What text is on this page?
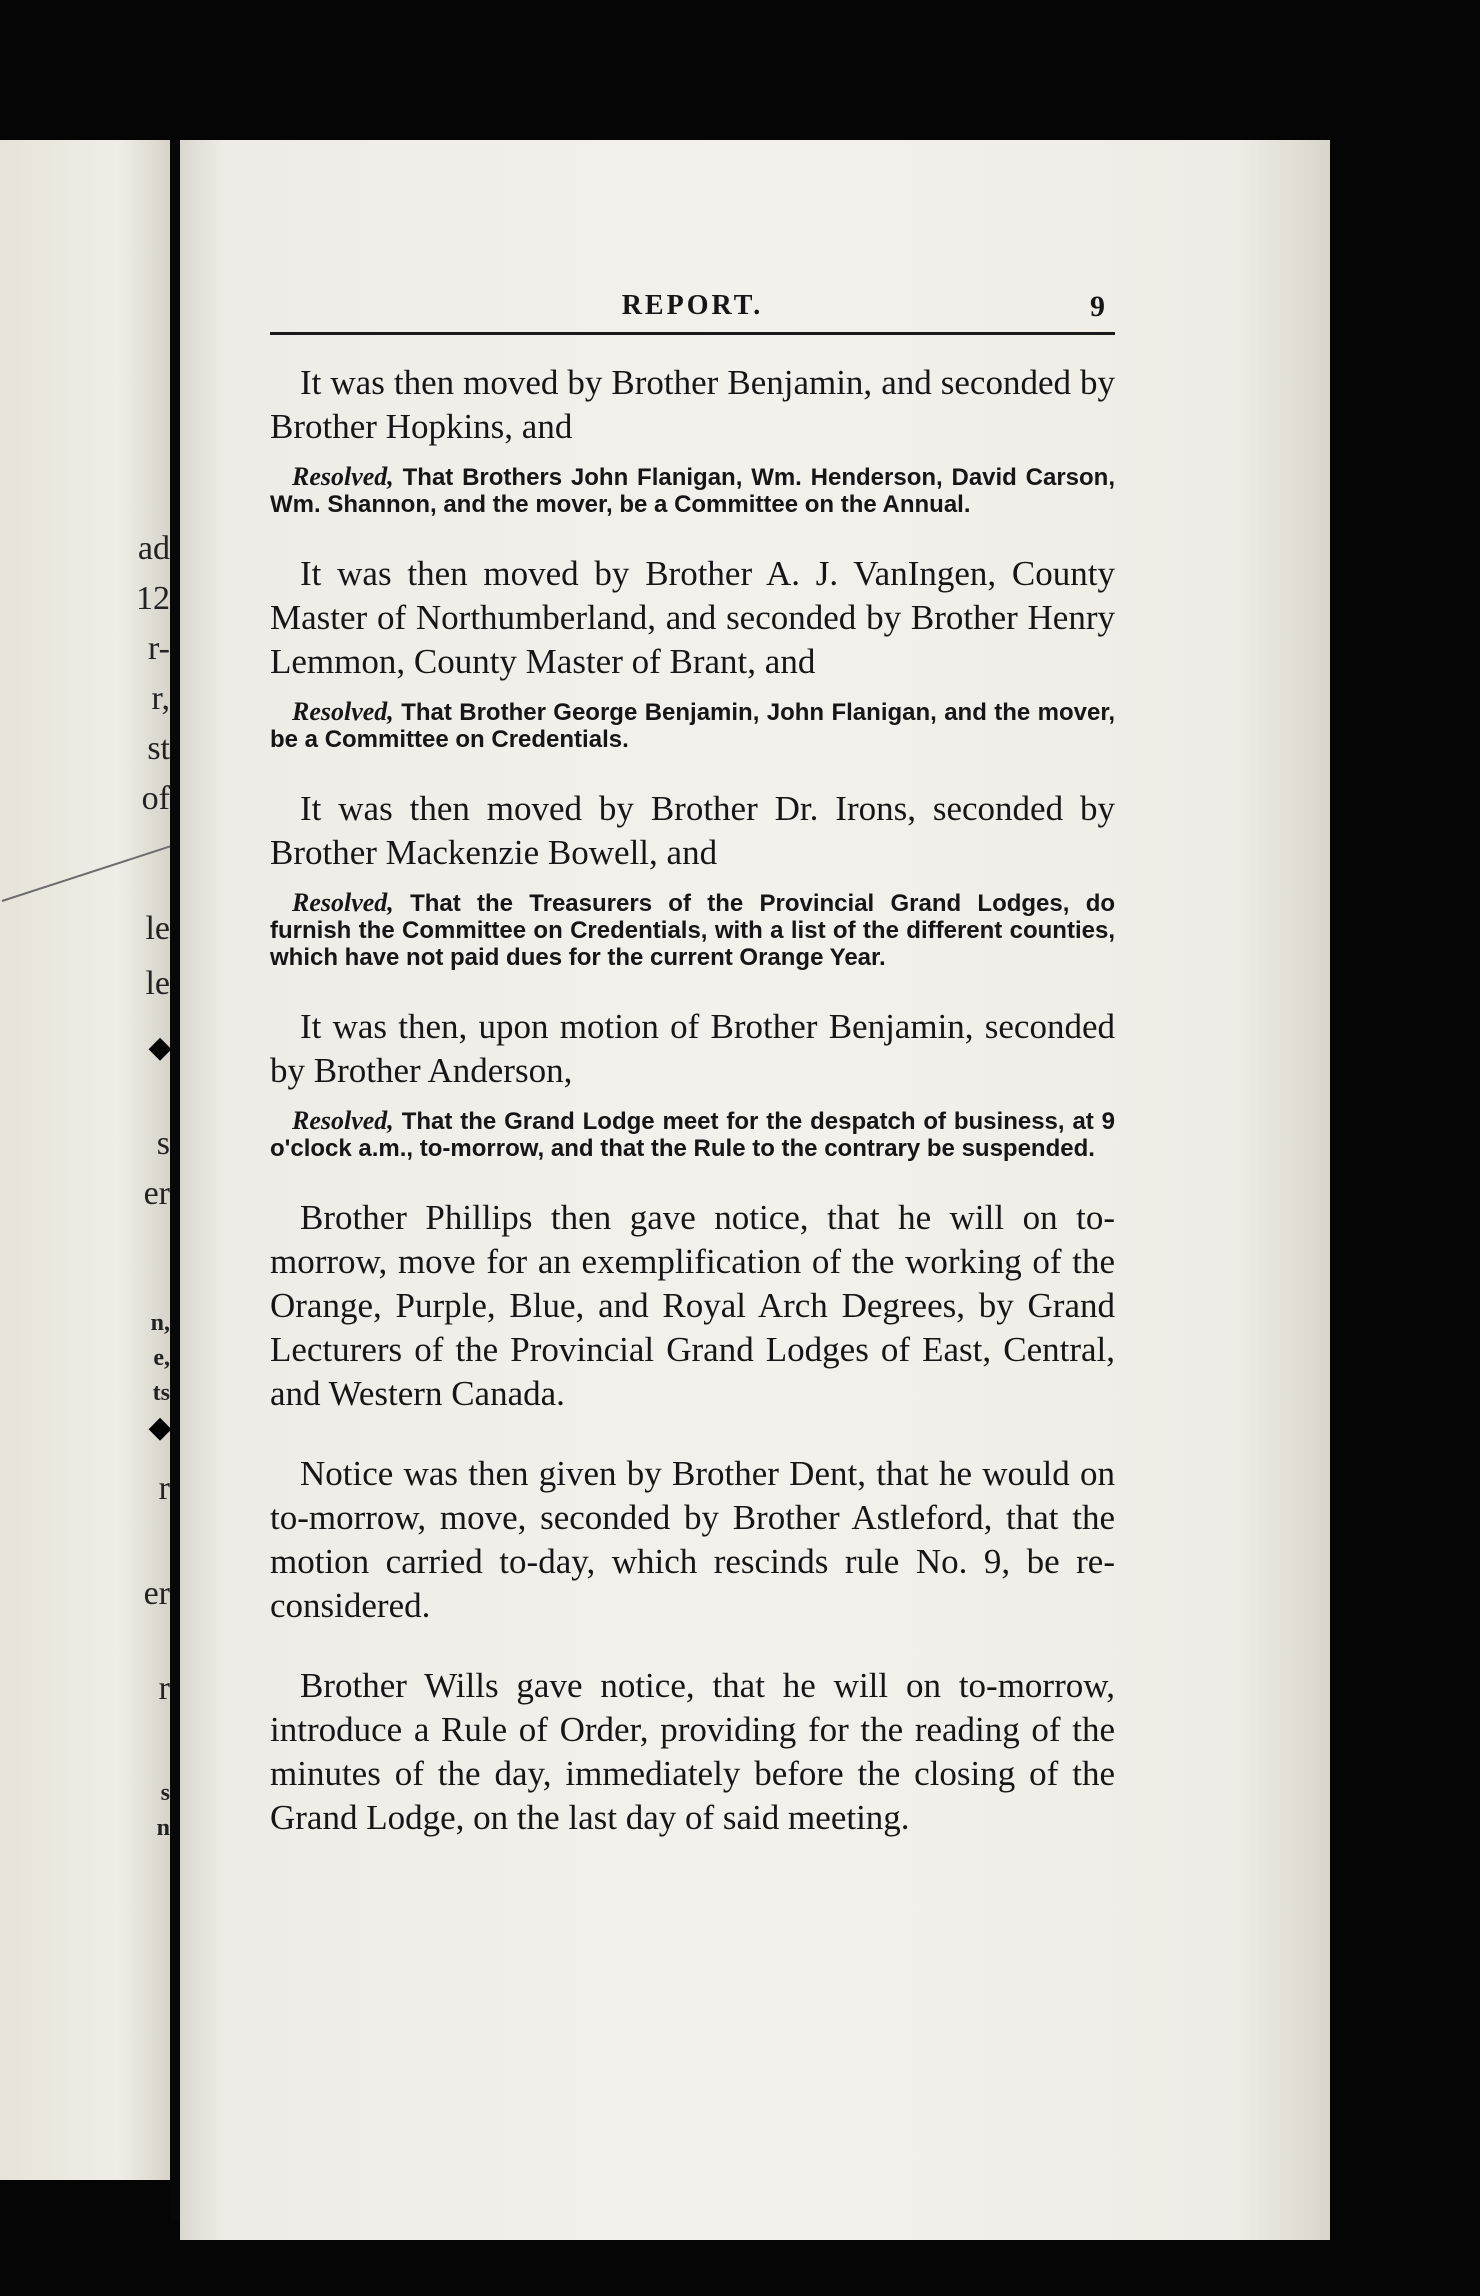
ad
12
r-
r,
st
of
le
le
s
er
n,
e,
ts
r
er
r
s
n
◆
◆
REPORT.	9

It was then moved by Brother Benjamin, and seconded by Brother Hopkins, and

Resolved, That Brothers John Flanigan, Wm. Henderson, David Carson, Wm. Shannon, and the mover, be a Committee on the Annual.

It was then moved by Brother A. J. VanIngen, County Master of Northumberland, and seconded by Brother Henry Lemmon, County Master of Brant, and

Resolved, That Brother George Benjamin, John Flanigan, and the mover, be a Committee on Credentials.

It was then moved by Brother Dr. Irons, seconded by Brother Mackenzie Bowell, and

Resolved, That the Treasurers of the Provincial Grand Lodges, do furnish the Committee on Credentials, with a list of the different counties, which have not paid dues for the current Orange Year.

It was then, upon motion of Brother Benjamin, seconded by Brother Anderson,

Resolved, That the Grand Lodge meet for the despatch of business, at 9 o'clock a.m., to-morrow, and that the Rule to the contrary be suspended.

Brother Phillips then gave notice, that he will on to-morrow, move for an exemplification of the working of the Orange, Purple, Blue, and Royal Arch Degrees, by Grand Lecturers of the Provincial Grand Lodges of East, Central, and Western Canada.

Notice was then given by Brother Dent, that he would on to-morrow, move, seconded by Brother Astleford, that the motion carried to-day, which rescinds rule No. 9, be re-considered.

Brother Wills gave notice, that he will on to-morrow, introduce a Rule of Order, providing for the reading of the minutes of the day, immediately before the closing of the Grand Lodge, on the last day of said meeting.
